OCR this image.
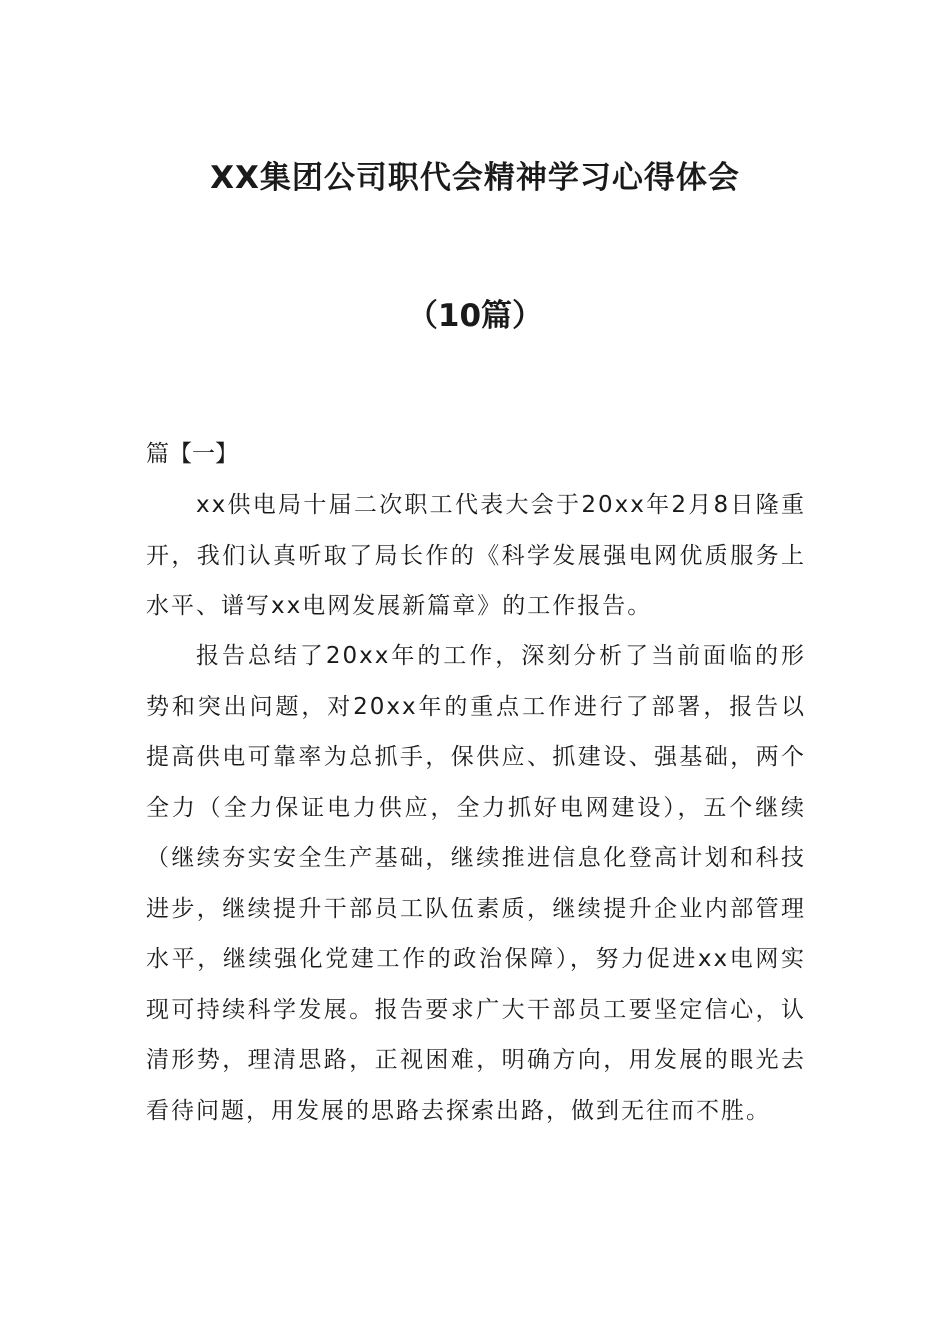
XX集团公司职代会精神学习心得体会
（10篇）
篇【一】

xx供电局十届二次职工代表大会于20xx年2月8日隆重开，我们认真听取了局长作的《科学发展强电网优质服务上水平、谱写xx电网发展新篇章》的工作报告。

报告总结了20xx年的工作，深刻分析了当前面临的形势和突出问题，对20xx年的重点工作进行了部署，报告以提高供电可靠率为总抓手，保供应、抓建设、强基础，两个全力（全力保证电力供应，全力抓好电网建设），五个继续（继续夯实安全生产基础，继续推进信息化登高计划和科技进步，继续提升干部员工队伍素质，继续提升企业内部管理水平，继续强化党建工作的政治保障），努力促进xx电网实现可持续科学发展。报告要求广大干部员工要坚定信心，认清形势，理清思路，正视困难，明确方向，用发展的眼光去看待问题，用发展的思路去探索出路，做到无往而不胜。
